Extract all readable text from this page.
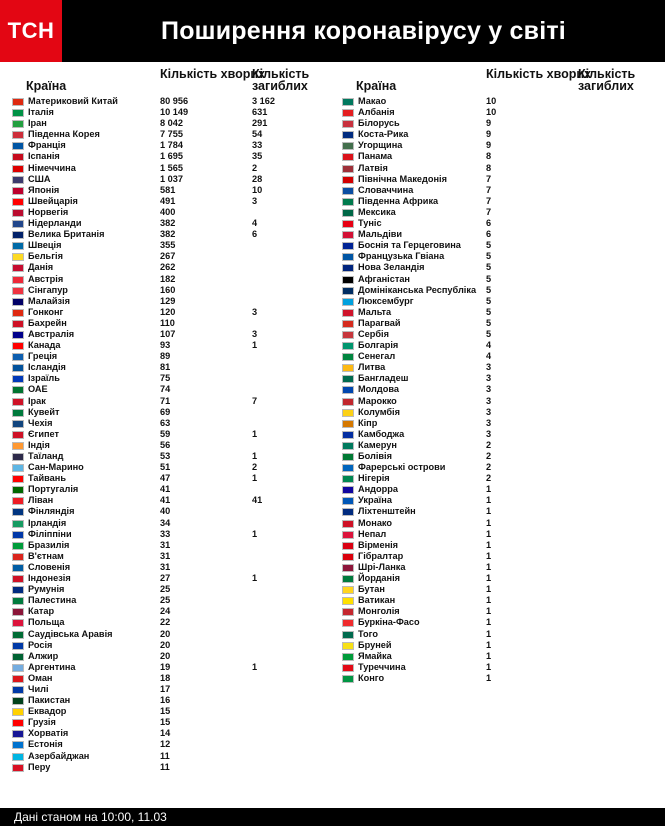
ТСН	Поширення коронавірусу у світі
Країна
Кількість хворих
Кількість загиблих
Материковий Китай	80 956	3 162
Італія	10 149	631
Іран	8 042	291
Південна Корея	7 755	54
Франція	1 784	33
Іспанія	1 695	35
Німеччина	1 565	2
США	1 037	28
Японія	581	10
Швейцарія	491	3
Норвегія	400
Нідерланди	382	4
Велика Британія	382	6
Швеція	355
Бельгія	267
Данія	262
Австрія	182
Сінгапур	160
Малайзія	129
Гонконг	120	3
Бахрейн	110
Австралія	107	3
Канада	93	1
Греція	89
Ісландія	81
Ізраїль	75
ОАЕ	74
Ірак	71	7
Кувейт	69
Чехія	63
Єгипет	59	1
Індія	56
Таїланд	53	1
Сан-Марино	51	2
Тайвань	47	1
Португалія	41
Ліван	41	41
Фінляндія	40
Ірландія	34
Філіппіни	33	1
Бразилія	31
В'єтнам	31
Словенія	31
Індонезія	27	1
Румунія	25
Палестина	25
Катар	24
Польща	22
Саудівська Аравія	20
Росія	20
Алжир	20
Аргентина	19	1
Оман	18
Чилі	17
Пакистан	16
Еквадор	15
Грузія	15
Хорватія	14
Естонія	12
Азербайджан	11
Перу	11
Країна
Кількість хворих
Кількість загиблих
Макао	10
Албанія	10
Білорусь	9
Коста-Рика	9
Угорщина	9
Панама	8
Латвія	8
Північна Македонія	7
Словаччина	7
Південна Африка	7
Мексика	7
Туніс	6
Мальдіви	6
Боснія та Герцеговина	5
Французька Гвіана	5
Нова Зеландія	5
Афганістан	5
Домініканська Республіка 5
Люксембург	5
Мальта	5
Парагвай	5
Сербія	5
Болгарія	4
Сенегал	4
Литва	3
Бангладеш	3
Молдова	3
Марокко	3
Колумбія	3
Кіпр	3
Камбоджа	3
Камерун	2
Болівія	2
Фарерські острови	2
Нігерія	2
Андорра	1
Україна	1
Ліхтенштейн	1
Монако	1
Непал	1
Вірменія	1
Гібралтар	1
Шрі-Ланка	1
Йорданія	1
Бутан	1
Ватикан	1
Монголія	1
Буркіна-Фасо	1
Того	1
Бруней	1
Ямайка	1
Туреччина	1
Конго	1
Дані станом на 10:00, 11.03
